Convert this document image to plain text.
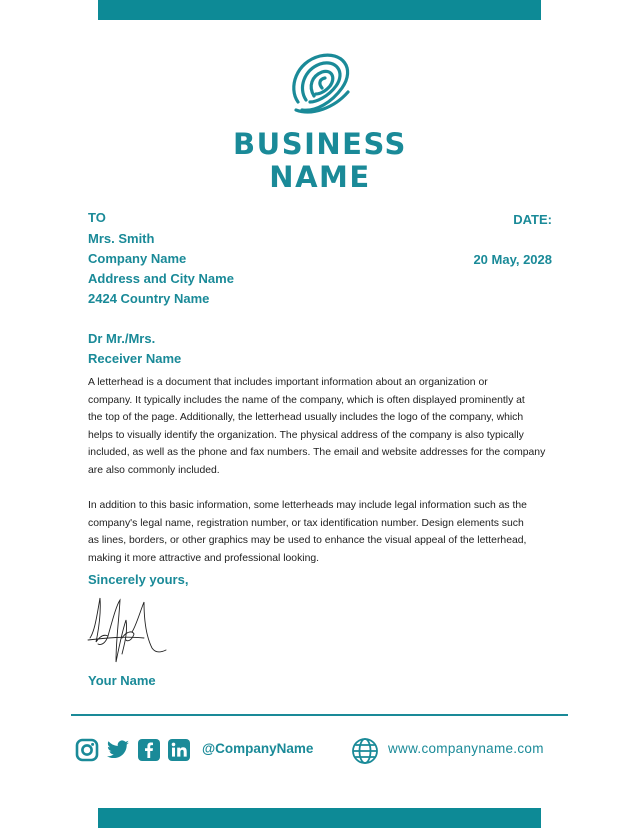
BUSINESS
NAME
TO
Mrs. Smith
Company Name
Address and City Name
2424 Country Name
DATE:
20 May, 2028
Dr Mr./Mrs.
Receiver Name

A letterhead is a document that includes important information about an organization or
company. It typically includes the name of the company, which is often displayed prominently at
the top of the page. Additionally, the letterhead usually includes the logo of the company, which
helps to visually identify the organization. The physical address of the company is also typically
included, as well as the phone and fax numbers. The email and website addresses for the company
are also commonly included.

In addition to this basic information, some letterheads may include legal information such as the
company's legal name, registration number, or tax identification number. Design elements such
as lines, borders, or other graphics may be used to enhance the visual appeal of the letterhead,
making it more attractive and professional looking.

Sincerely yours,
Your Name
@CompanyName	www.companyname.com
